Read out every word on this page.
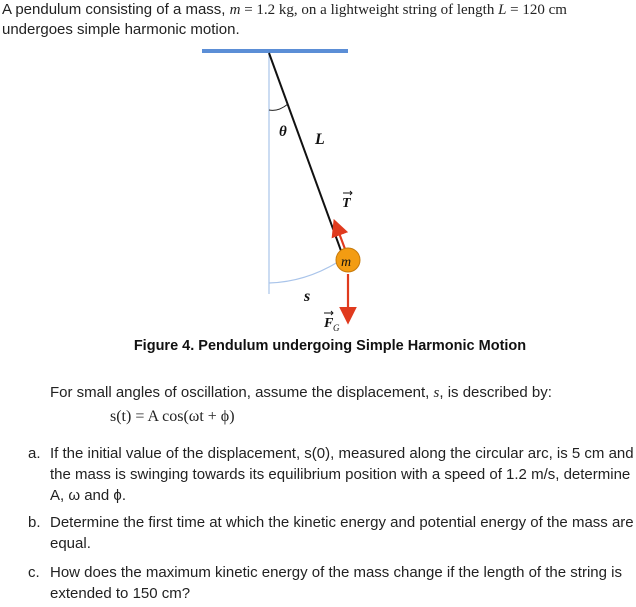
A pendulum consisting of a mass, m = 1.2 kg, on a lightweight string of length L = 120 cm
undergoes simple harmonic motion.
m
θ L
T
s
F G
Figure 4. Pendulum undergoing Simple Harmonic Motion
For small angles of oscillation, assume the displacement, s, is described by:
s(t) = A cos(ωt + ϕ)
a. If the initial value of the displacement, s(0), measured along the circular arc, is 5 cm and
the mass is swinging towards its equilibrium position with a speed of 1.2 m/s, determine
A, ω and ϕ.
b. Determine the first time at which the kinetic energy and potential energy of the mass are
equal.
c. How does the maximum kinetic energy of the mass change if the length of the string is
extended to 150 cm?
